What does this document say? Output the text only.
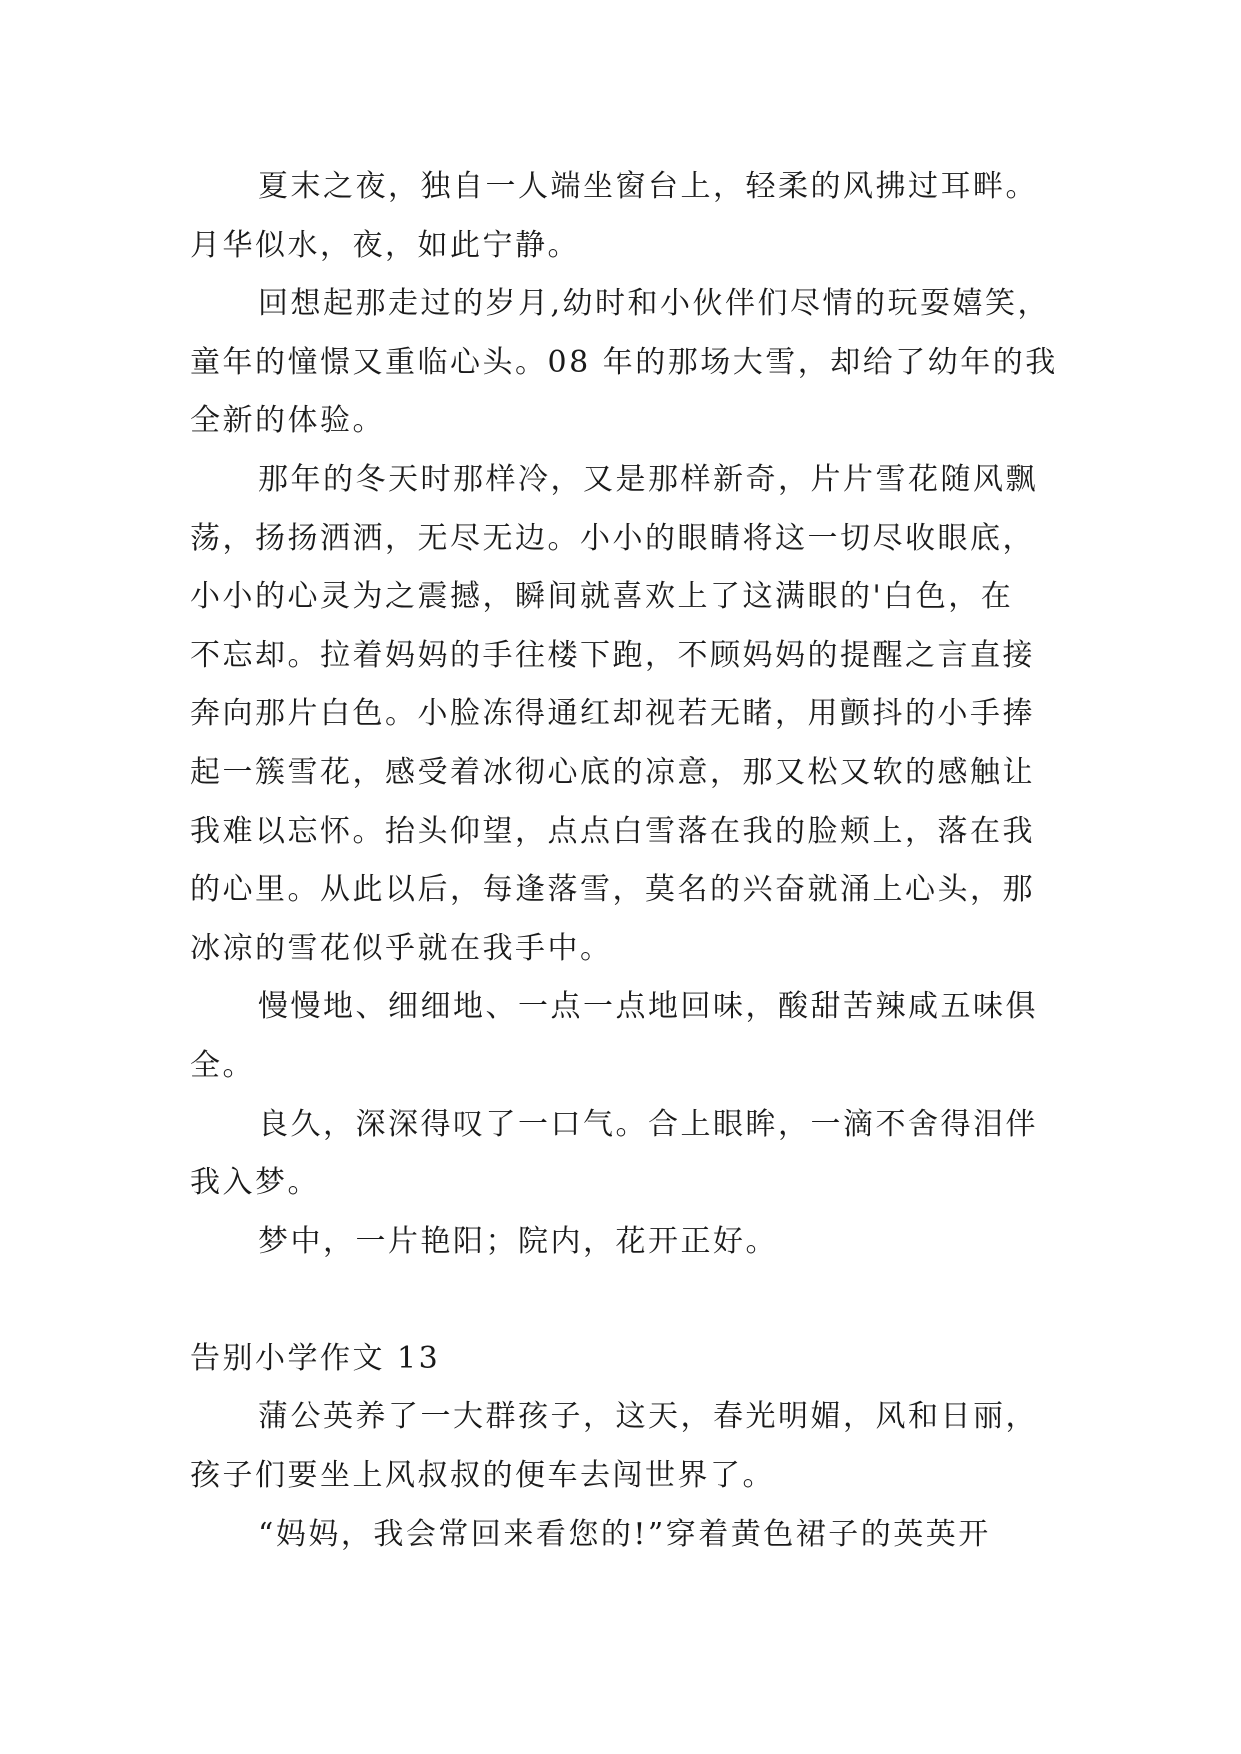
夏末之夜，独自一人端坐窗台上，轻柔的风拂过耳畔。
月华似水，夜，如此宁静。
回想起那走过的岁月,幼时和小伙伴们尽情的玩耍嬉笑，
童年的憧憬又重临心头。08 年的那场大雪，却给了幼年的我
全新的体验。
那年的冬天时那样冷，又是那样新奇，片片雪花随风飘
荡，扬扬洒洒，无尽无边。小小的眼睛将这一切尽收眼底，
小小的心灵为之震撼，瞬间就喜欢上了这满眼的'白色，在
不忘却。拉着妈妈的手往楼下跑，不顾妈妈的提醒之言直接
奔向那片白色。小脸冻得通红却视若无睹，用颤抖的小手捧
起一簇雪花，感受着冰彻心底的凉意，那又松又软的感触让
我难以忘怀。抬头仰望，点点白雪落在我的脸颊上，落在我
的心里。从此以后，每逢落雪，莫名的兴奋就涌上心头，那
冰凉的雪花似乎就在我手中。
慢慢地、细细地、一点一点地回味，酸甜苦辣咸五味俱
全。
良久，深深得叹了一口气。合上眼眸，一滴不舍得泪伴
我入梦。
梦中，一片艳阳；院内，花开正好。
告别小学作文 13
蒲公英养了一大群孩子，这天，春光明媚，风和日丽，
孩子们要坐上风叔叔的便车去闯世界了。
“妈妈，我会常回来看您的!”穿着黄色裙子的英英开
